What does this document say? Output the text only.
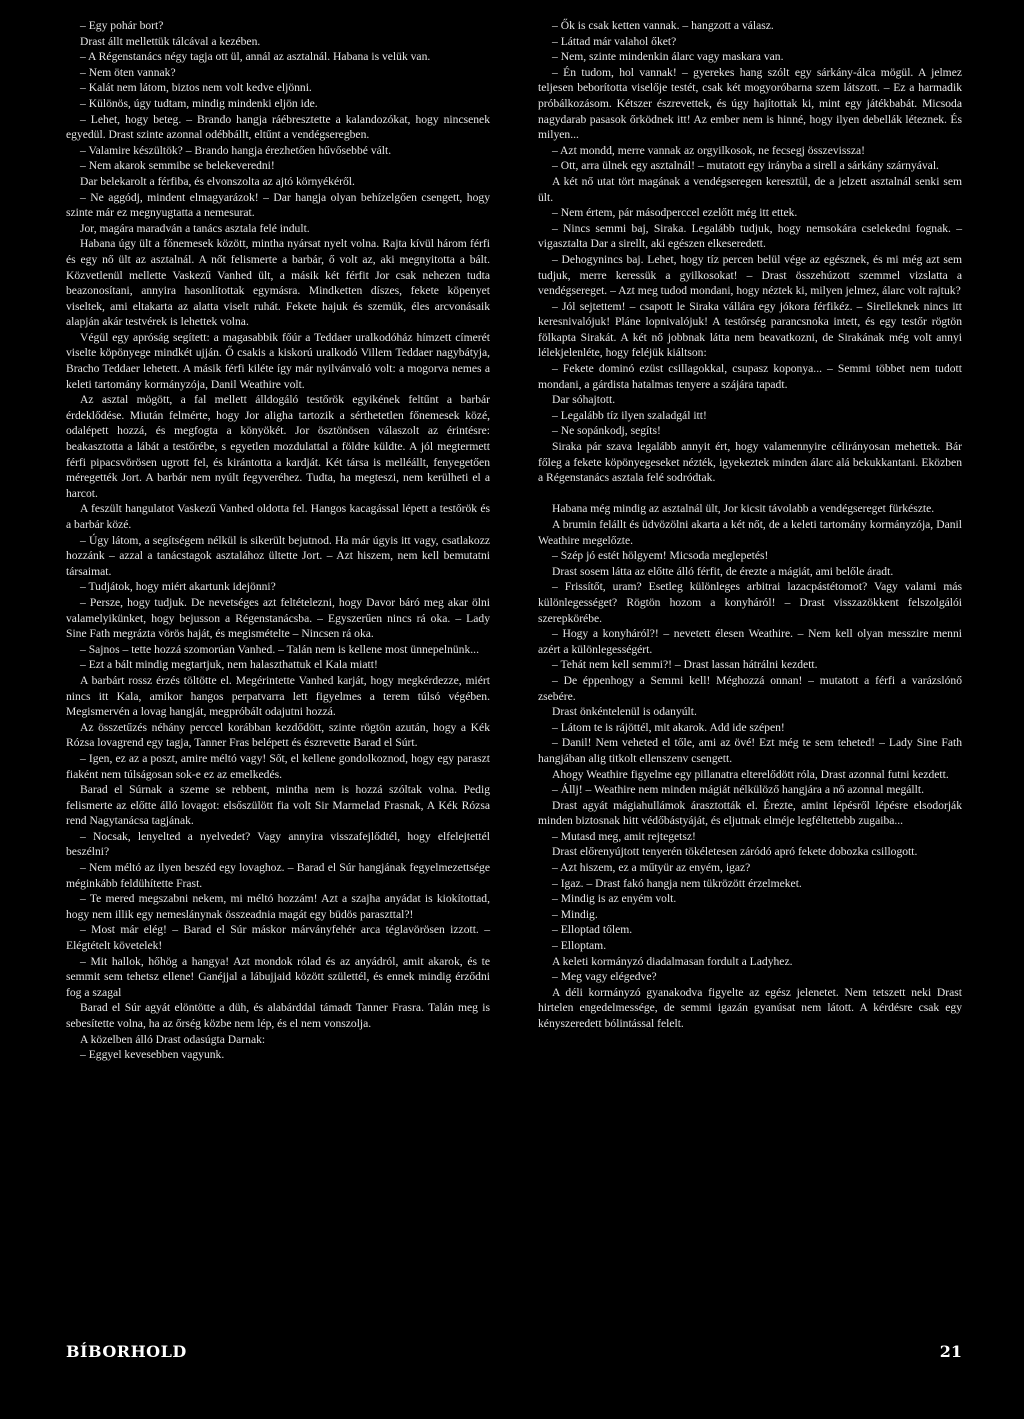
– Egy pohár bort?

Drast állt mellettük tálcával a kezében.

– A Régenstanács négy tagja ott ül, annál az asztalnál. Habana is velük van.

– Nem öten vannak?

– Kalát nem látom, biztos nem volt kedve eljönni.

– Különös, úgy tudtam, mindig mindenki eljön ide.

– Lehet, hogy beteg. – Brando hangja ráébresztette a kalandozókat, hogy nincsenek egyedül. Drast szinte azonnal odébbállt, eltűnt a vendégseregben.

– Valamire készültök? – Brando hangja érezhetően hűvősebbé vált.

– Nem akarok semmibe se belekeveredni!

Dar belekarolt a férfiba, és elvonszolta az ajtó környékéről.

– Ne aggódj, mindent elmagyarázok! – Dar hangja olyan behízelgően csengett, hogy szinte már ez megnyugtatta a nemesurat.

Jor, magára maradván a tanács asztala felé indult.

Habana úgy ült a főnemesek között, mintha nyársat nyelt volna. Rajta kívül három férfi és egy nő ült az asztalnál. A nőt felismerte a barbár, ő volt az, aki megnyitotta a bált. Közvetlenül mellette Vaskezű Vanhed ült, a másik két férfit Jor csak nehezen tudta beazonosítani, annyira hasonlítottak egymásra. Mindketten díszes, fekete köpenyet viseltek, ami eltakarta az alatta viselt ruhát. Fekete hajuk és szemük, éles arcvonásaik alapján akár testvérek is lehettek volna.

Végül egy apróság segített: a magasabbik főúr a Teddaer uralkodóház hímzett címerét viselte köpönyege mindkét ujján. Ő csakis a kiskorú uralkodó Villem Teddaer nagybátyja, Bracho Teddaer lehetett. A másik férfi kiléte így már nyilvánvaló volt: a mogorva nemes a keleti tartomány kormányzója, Danil Weathire volt.

Az asztal mögött, a fal mellett álldogáló testőrök egyikének feltűnt a barbár érdeklődése. Miután felmérte, hogy Jor aligha tartozik a sérthetetlen főnemesek közé, odalépett hozzá, és megfogta a könyökét. Jor ösztönösen válaszolt az érintésre: beakasztotta a lábát a testőrébe, s egyetlen mozdulattal a földre küldte. A jól megtermett férfi pipacsvörösen ugrott fel, és kirántotta a kardját. Két társa is melléállt, fenyegetően méregették Jort. A barbár nem nyúlt fegyveréhez. Tudta, ha megteszi, nem kerülheti el a harcot.

A feszült hangulatot Vaskezű Vanhed oldotta fel. Hangos kacagással lépett a testőrök és a barbár közé.

– Úgy látom, a segítségem nélkül is sikerült bejutnod. Ha már úgyis itt vagy, csatlakozz hozzánk – azzal a tanácstagok asztalához ültette Jort. – Azt hiszem, nem kell bemutatni társaimat.

– Tudjátok, hogy miért akartunk idejönni?

– Persze, hogy tudjuk. De nevetséges azt feltételezni, hogy Davor báró meg akar ölni valamelyikünket, hogy bejusson a Régenstanácsba. – Egyszerűen nincs rá oka. – Lady Sine Fath megrázta vörös haját, és megismételte – Nincsen rá oka.

– Sajnos – tette hozzá szomorúan Vanhed. – Talán nem is kellene most ünnepelnünk...

– Ezt a bált mindig megtartjuk, nem halaszthattuk el Kala miatt!

A barbárt rossz érzés töltötte el. Megérintette Vanhed karját, hogy megkérdezze, miért nincs itt Kala, amikor hangos perpatvarra lett figyelmes a terem túlsó végében. Megismervén a lovag hangját, megpróbált odajutni hozzá.

Az összetűzés néhány perccel korábban kezdődött, szinte rögtön azután, hogy a Kék Rózsa lovagrend egy tagja, Tanner Fras belépett és észrevette Barad el Súrt.

– Igen, ez az a poszt, amire méltó vagy! Sőt, el kellene gondolkoznod, hogy egy paraszt fiaként nem túlságosan sok-e ez az emelkedés.

Barad el Súrnak a szeme se rebbent, mintha nem is hozzá szóltak volna. Pedig felismerte az előtte álló lovagot: elsőszülött fia volt Sir Marmelad Frasnak, A Kék Rózsa rend Nagytanácsa tagjának.

– Nocsak, lenyelted a nyelvedet? Vagy annyira visszafejlődtél, hogy elfelejtettél beszélni?

– Nem méltó az ilyen beszéd egy lovaghoz. – Barad el Súr hangjának fegyelmezettsége méginkább feldühítette Frast.

– Te mered megszabni nekem, mi méltó hozzám! Azt a szajha anyádat is kiokítottad, hogy nem illik egy nemeslánynak összeadnia magát egy büdös paraszttal?!

– Most már elég! – Barad el Súr máskor márványfehér arca téglavörösen izzott. – Elégtételt követelek!

– Mit hallok, hőhög a hangya! Azt mondok rólad és az anyádról, amit akarok, és te semmit sem tehetsz ellene! Ganéjjal a lábujjaid között születtél, és ennek mindig érződni fog a szagal

Barad el Súr agyát elöntötte a düh, és alabárddal támadt Tanner Frasra. Talán meg is sebesítette volna, ha az őrség közbe nem lép, és el nem vonszolja.

A közelben álló Drast odasúgta Darnak:

– Eggyel kevesebben vagyunk.

– Ők is csak ketten vannak. – hangzott a válasz.

– Láttad már valahol őket?

– Nem, szinte mindenkin álarc vagy maskara van.

– Én tudom, hol vannak! – gyerekes hang szólt egy sárkány-álca mögül. A jelmez teljesen beborította viselője testét, csak két mogyoróbarna szem látszott. – Ez a harmadik próbálkozásom. Kétszer észrevettek, és úgy hajítottak ki, mint egy játékbabát. Micsoda nagydarab pasasok őrködnek itt! Az ember nem is hinné, hogy ilyen debellák léteznek. És milyen...

– Azt mondd, merre vannak az orgyilkosok, ne fecsegj összevissza!

– Ott, arra ülnek egy asztalnál! – mutatott egy irányba a sirell a sárkány szárnyával.

A két nő utat tört magának a vendégseregen keresztül, de a jelzett asztalnál senki sem ült.

– Nem értem, pár másodperccel ezelőtt még itt ettek.

– Nincs semmi baj, Siraka. Legalább tudjuk, hogy nemsokára cselekedni fognak. – vigasztalta Dar a sirellt, aki egészen elkeseredett.

– Dehogynincs baj. Lehet, hogy tíz percen belül vége az egésznek, és mi még azt sem tudjuk, merre keressük a gyilkosokat! – Drast összehúzott szemmel vizslatta a vendégsereget. – Azt meg tudod mondani, hogy néztek ki, milyen jelmez, álarc volt rajtuk?

– Jól sejtettem! – csapott le Siraka vállára egy jókora férfikéz. – Sirelleknek nincs itt keresnivalójuk! Pláne lopnivalójuk! A testőrség parancsnoka intett, és egy testőr rögtön fölkapta Sirakát. A két nő jobbnak látta nem beavatkozni, de Sirakának még volt annyi lélekjelenléte, hogy feléjük kiáltson:

– Fekete dominó ezüst csillagokkal, csupasz koponya... – Semmi többet nem tudott mondani, a gárdista hatalmas tenyere a szájára tapadt.

Dar sóhajtott.

– Legalább tíz ilyen szaladgál itt!

– Ne sopánkodj, segíts!

Siraka pár szava legalább annyit ért, hogy valamennyire célirányosan mehettek. Bár főleg a fekete köpönyegeseket nézték, igyekeztek minden álarc alá bekukkantani. Eközben a Régenstanács asztala felé sodródtak.

Habana még mindig az asztalnál ült, Jor kicsit távolabb a vendégsereget fürkészte.

A brumin felállt és üdvözölni akarta a két nőt, de a keleti tartomány kormányzója, Danil Weathire megelőzte.

– Szép jó estét hölgyem! Micsoda meglepetés!

Drast sosem látta az előtte álló férfit, de érezte a mágiát, ami belőle áradt.

– Frissítőt, uram? Esetleg különleges arbitrai lazacpástétomot? Vagy valami más különlegességet? Rögtön hozom a konyháról! – Drast visszazökkent felszolgálói szerepkörébe.

– Hogy a konyháról?! – nevetett élesen Weathire. – Nem kell olyan messzire menni azért a különlegességért.

– Tehát nem kell semmi?! – Drast lassan hátrálni kezdett.

– De éppenhogy a Semmi kell! Méghozzá onnan! – mutatott a férfi a varázslónő zsebére.

Drast önkéntelenül is odanyúlt.

– Látom te is rájöttél, mit akarok. Add ide szépen!

– Danil! Nem veheted el tőle, ami az övé! Ezt még te sem teheted! – Lady Sine Fath hangjában alig titkolt ellenszenv csengett.

Ahogy Weathire figyelme egy pillanatra elterelődött róla, Drast azonnal futni kezdett.

– Állj! – Weathire nem minden mágiát nélkülöző hangjára a nő azonnal megállt.

Drast agyát mágiahullámok árasztották el. Érezte, amint lépésről lépésre elsodorják minden biztosnak hitt védőbástyáját, és eljutnak elméje legféltettebb zugaiba...

– Mutasd meg, amit rejtegetsz!

Drast előrenyújtott tenyerén tökéletesen záródó apró fekete dobozka csillogott.

– Azt hiszem, ez a műtyür az enyém, igaz?

– Igaz. – Drast fakó hangja nem tükrözött érzelmeket.

– Mindig is az enyém volt.

– Mindig.

– Elloptad tőlem.

– Elloptam.

A keleti kormányzó diadalmasan fordult a Ladyhez.

– Meg vagy elégedve?

A déli kormányzó gyanakodva figyelte az egész jelenetet. Nem tetszett neki Drast hirtelen engedelmessége, de semmi igazán gyanúsat nem látott. A kérdésre csak egy kényszeredett bólintással felelt.

BÍBORHOLD	21
